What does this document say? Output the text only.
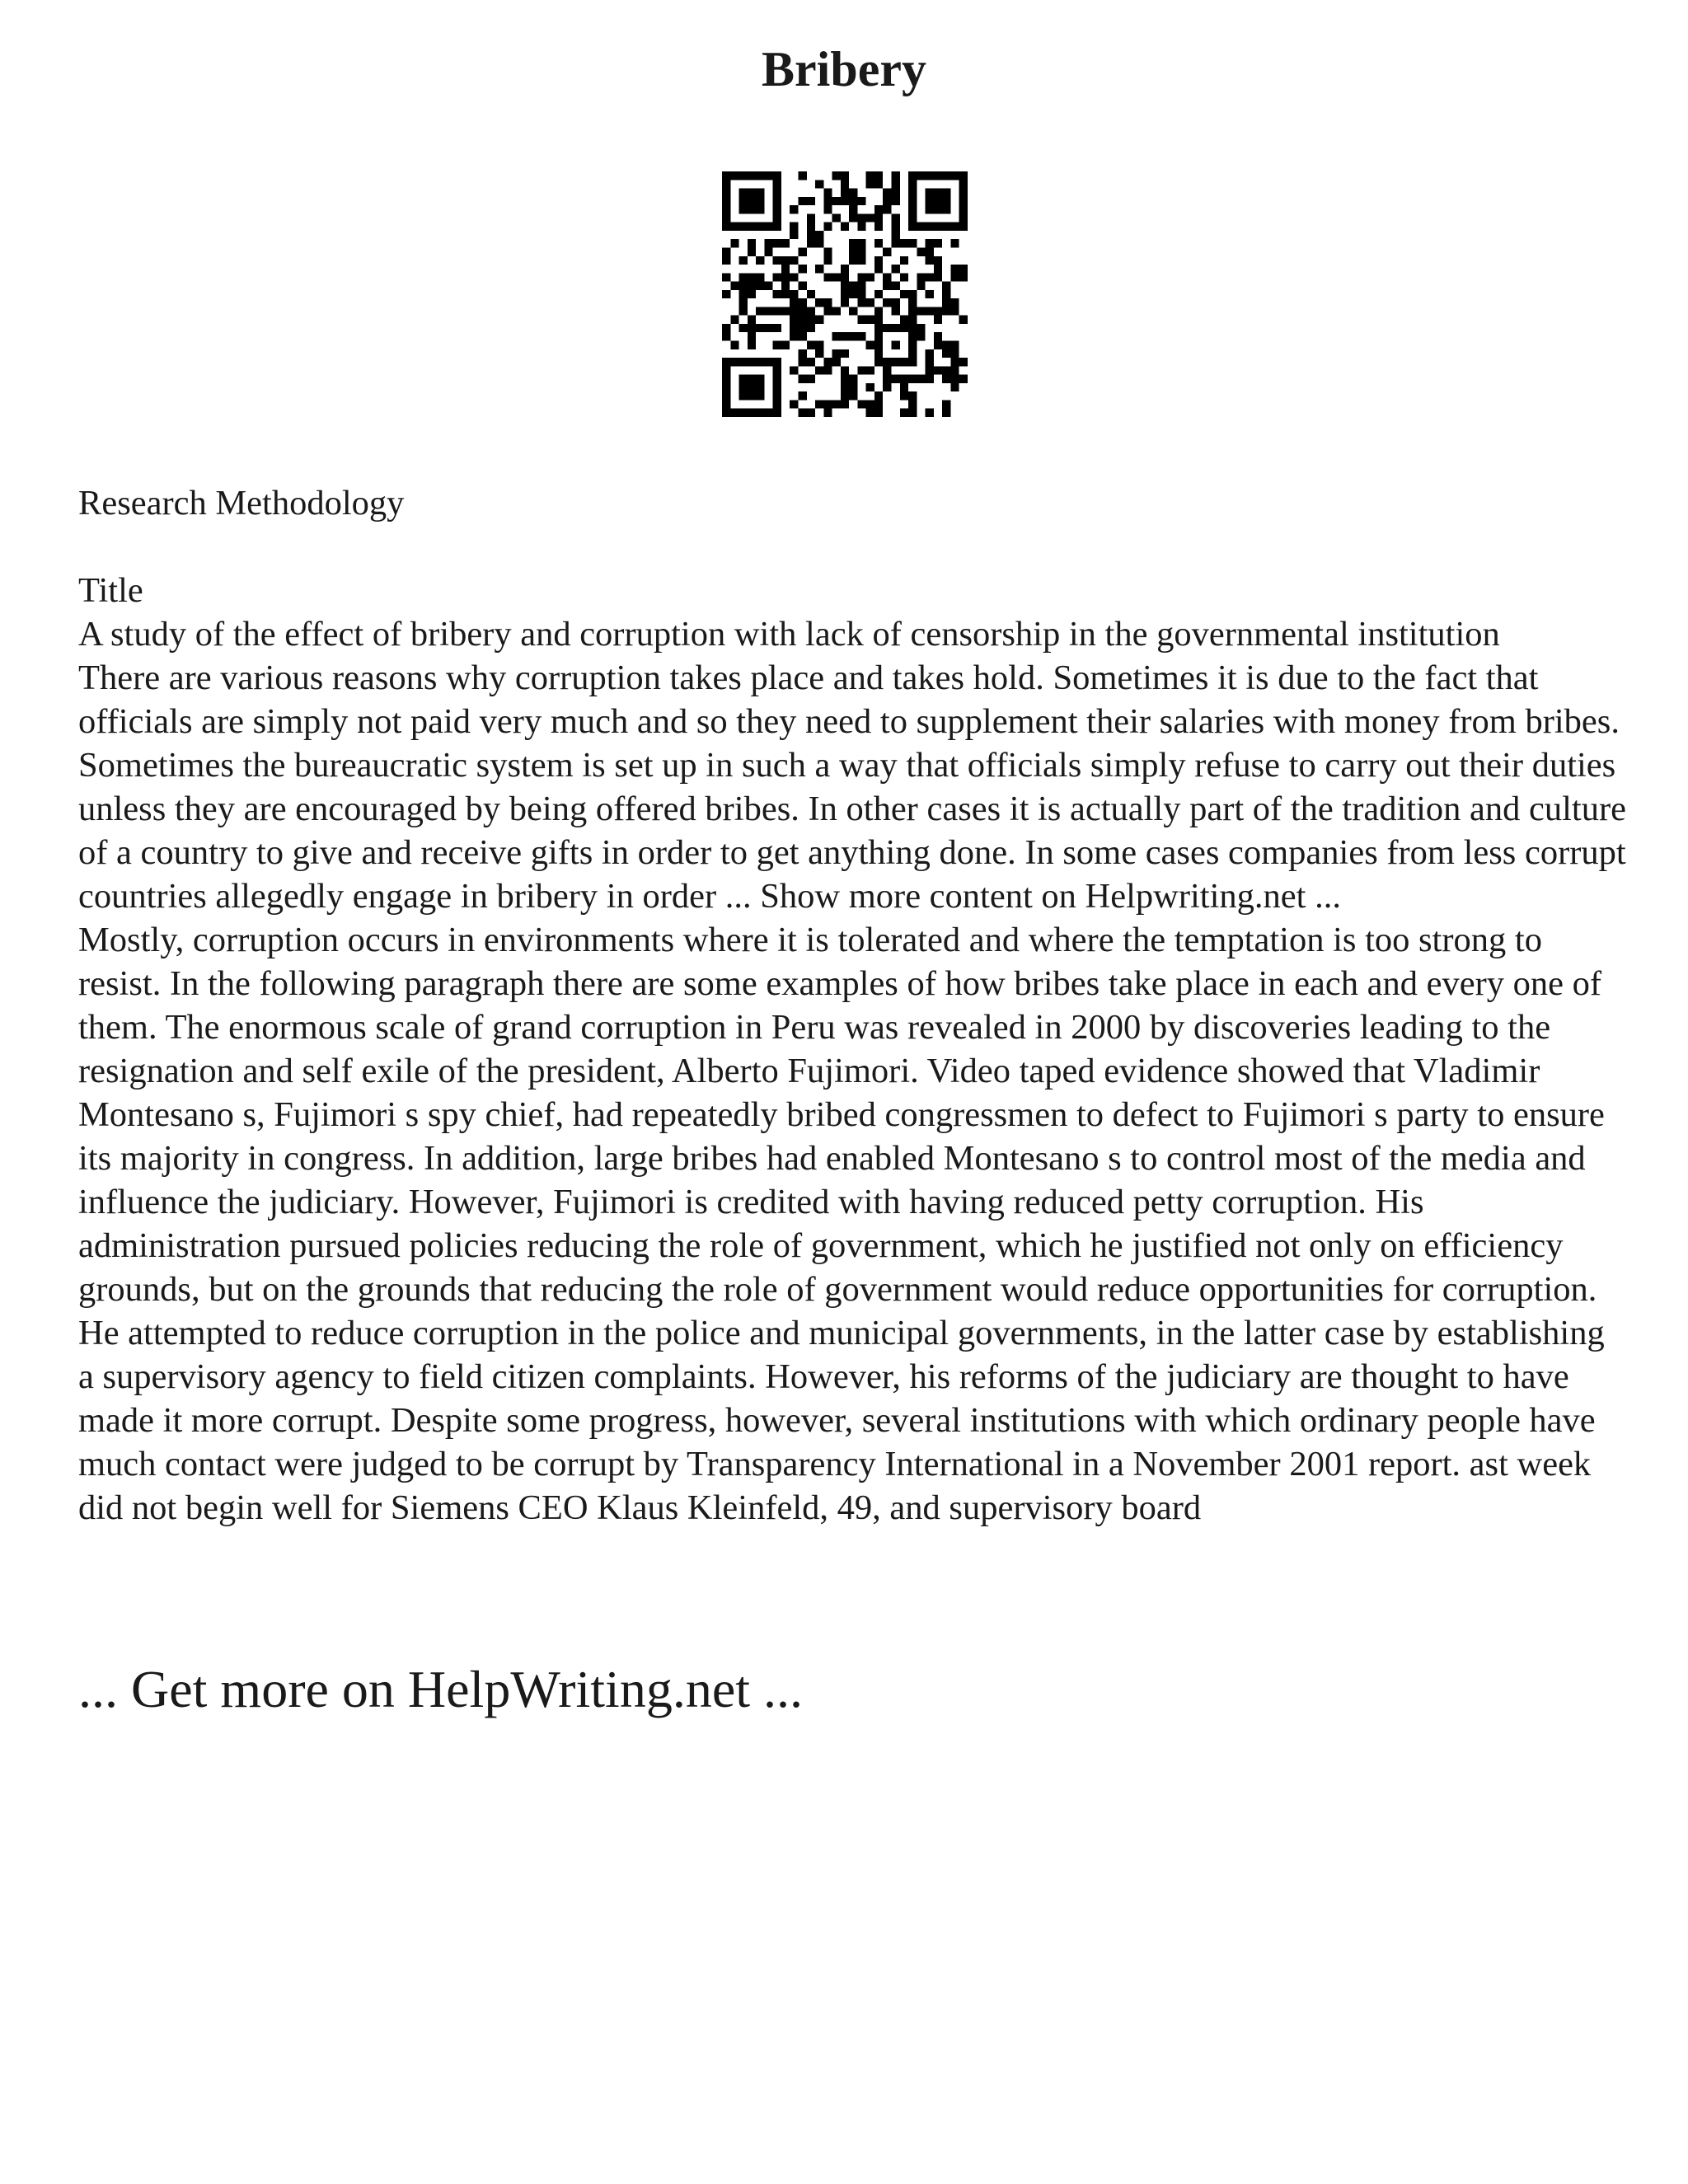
Bribery

Research Methodology

Title

A study of the effect of bribery and corruption with lack of censorship in the governmental institution

There are various reasons why corruption takes place and takes hold. Sometimes it is due to the fact that officials are simply not paid very much and so they need to supplement their salaries with money from bribes. Sometimes the bureaucratic system is set up in such a way that officials simply refuse to carry out their duties unless they are encouraged by being offered bribes. In other cases it is actually part of the tradition and culture of a country to give and receive gifts in order to get anything done. In some cases companies from less corrupt countries allegedly engage in bribery in order ... Show more content on Helpwriting.net ...

Mostly, corruption occurs in environments where it is tolerated and where the temptation is too strong to resist. In the following paragraph there are some examples of how bribes take place in each and every one of them. The enormous scale of grand corruption in Peru was revealed in 2000 by discoveries leading to the resignation and self exile of the president, Alberto Fujimori. Video taped evidence showed that Vladimir Montesano s, Fujimori s spy chief, had repeatedly bribed congressmen to defect to Fujimori s party to ensure its majority in congress. In addition, large bribes had enabled Montesano s to control most of the media and influence the judiciary. However, Fujimori is credited with having reduced petty corruption. His administration pursued policies reducing the role of government, which he justified not only on efficiency grounds, but on the grounds that reducing the role of government would reduce opportunities for corruption. He attempted to reduce corruption in the police and municipal governments, in the latter case by establishing a supervisory agency to field citizen complaints. However, his reforms of the judiciary are thought to have made it more corrupt. Despite some progress, however, several institutions with which ordinary people have much contact were judged to be corrupt by Transparency International in a November 2001 report. ast week did not begin well for Siemens CEO Klaus Kleinfeld, 49, and supervisory board

... Get more on HelpWriting.net ...
